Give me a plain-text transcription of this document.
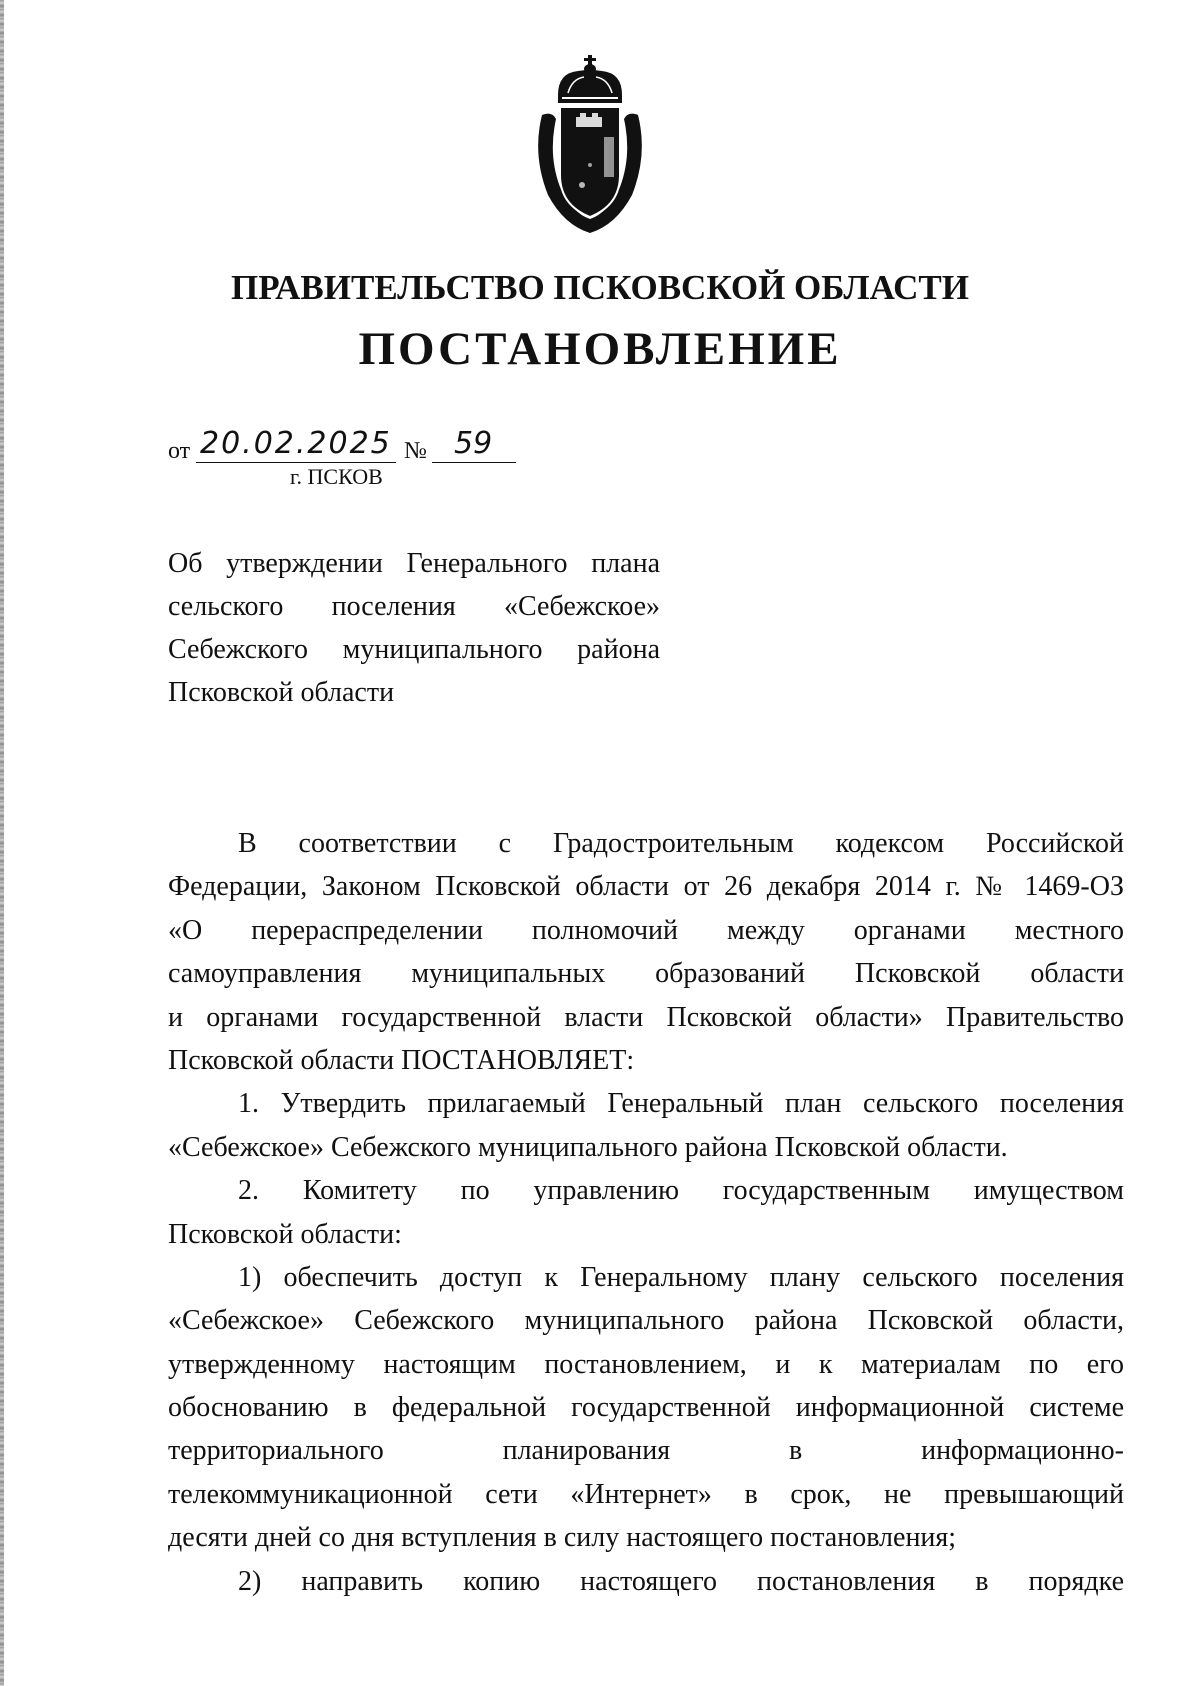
ПРАВИТЕЛЬСТВО ПСКОВСКОЙ ОБЛАСТИ
ПОСТАНОВЛЕНИЕ
от 20.02.2025 № 59
г. ПСКОВ
Об утверждении Генерального плана
сельского поселения «Себежское»
Себежского муниципального района
Псковской области
В соответствии с Градостроительным кодексом Российской
Федерации, Законом Псковской области от 26 декабря 2014 г. № 1469-ОЗ
«О перераспределении полномочий между органами местного
самоуправления муниципальных образований Псковской области
и органами государственной власти Псковской области» Правительство
Псковской области ПОСТАНОВЛЯЕТ:
1. Утвердить прилагаемый Генеральный план сельского поселения
«Себежское» Себежского муниципального района Псковской области.
2. Комитету по управлению государственным имуществом
Псковской области:
1) обеспечить доступ к Генеральному плану сельского поселения
«Себежское» Себежского муниципального района Псковской области,
утвержденному настоящим постановлением, и к материалам по его
обоснованию в федеральной государственной информационной системе
территориального планирования в информационно-
телекоммуникационной сети «Интернет» в срок, не превышающий
десяти дней со дня вступления в силу настоящего постановления;
2) направить копию настоящего постановления в порядке
